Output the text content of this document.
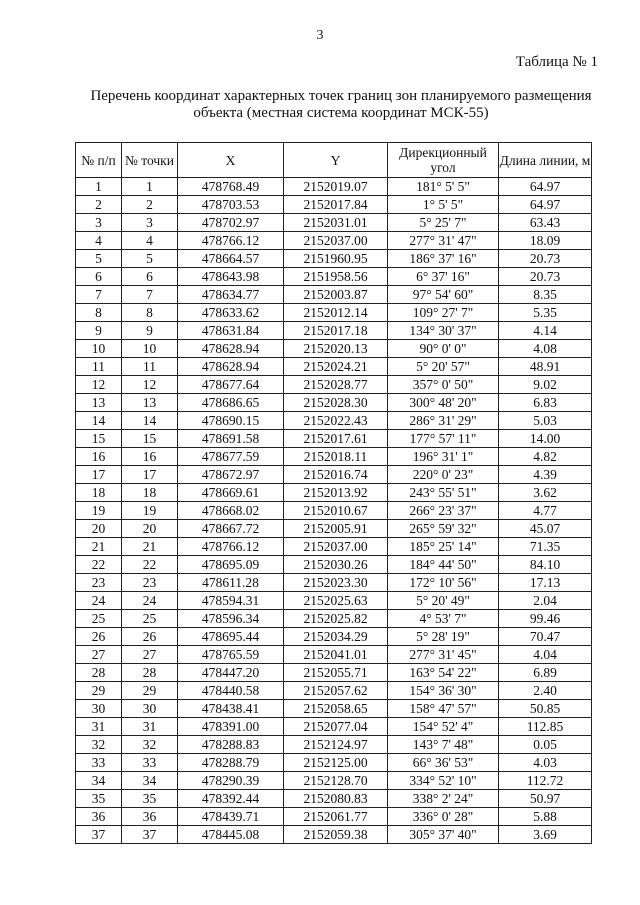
3
Таблица № 1
Перечень координат характерных точек границ зон планируемого размещения объекта (местная система координат МСК-55)
№ п/п	№ точки	X	Y	Дирекционный угол	Длина линии, м
1	1	478768.49	2152019.07	181° 5' 5"	64.97
2	2	478703.53	2152017.84	1° 5' 5"	64.97
3	3	478702.97	2152031.01	5° 25' 7"	63.43
4	4	478766.12	2152037.00	277° 31' 47"	18.09
5	5	478664.57	2151960.95	186° 37' 16"	20.73
6	6	478643.98	2151958.56	6° 37' 16"	20.73
7	7	478634.77	2152003.87	97° 54' 60"	8.35
8	8	478633.62	2152012.14	109° 27' 7"	5.35
9	9	478631.84	2152017.18	134° 30' 37"	4.14
10	10	478628.94	2152020.13	90° 0' 0"	4.08
11	11	478628.94	2152024.21	5° 20' 57"	48.91
12	12	478677.64	2152028.77	357° 0' 50"	9.02
13	13	478686.65	2152028.30	300° 48' 20"	6.83
14	14	478690.15	2152022.43	286° 31' 29"	5.03
15	15	478691.58	2152017.61	177° 57' 11"	14.00
16	16	478677.59	2152018.11	196° 31' 1"	4.82
17	17	478672.97	2152016.74	220° 0' 23"	4.39
18	18	478669.61	2152013.92	243° 55' 51"	3.62
19	19	478668.02	2152010.67	266° 23' 37"	4.77
20	20	478667.72	2152005.91	265° 59' 32"	45.07
21	21	478766.12	2152037.00	185° 25' 14"	71.35
22	22	478695.09	2152030.26	184° 44' 50"	84.10
23	23	478611.28	2152023.30	172° 10' 56"	17.13
24	24	478594.31	2152025.63	5° 20' 49"	2.04
25	25	478596.34	2152025.82	4° 53' 7"	99.46
26	26	478695.44	2152034.29	5° 28' 19"	70.47
27	27	478765.59	2152041.01	277° 31' 45"	4.04
28	28	478447.20	2152055.71	163° 54' 22"	6.89
29	29	478440.58	2152057.62	154° 36' 30"	2.40
30	30	478438.41	2152058.65	158° 47' 57"	50.85
31	31	478391.00	2152077.04	154° 52' 4"	112.85
32	32	478288.83	2152124.97	143° 7' 48"	0.05
33	33	478288.79	2152125.00	66° 36' 53"	4.03
34	34	478290.39	2152128.70	334° 52' 10"	112.72
35	35	478392.44	2152080.83	338° 2' 24"	50.97
36	36	478439.71	2152061.77	336° 0' 28"	5.88
37	37	478445.08	2152059.38	305° 37' 40"	3.69
